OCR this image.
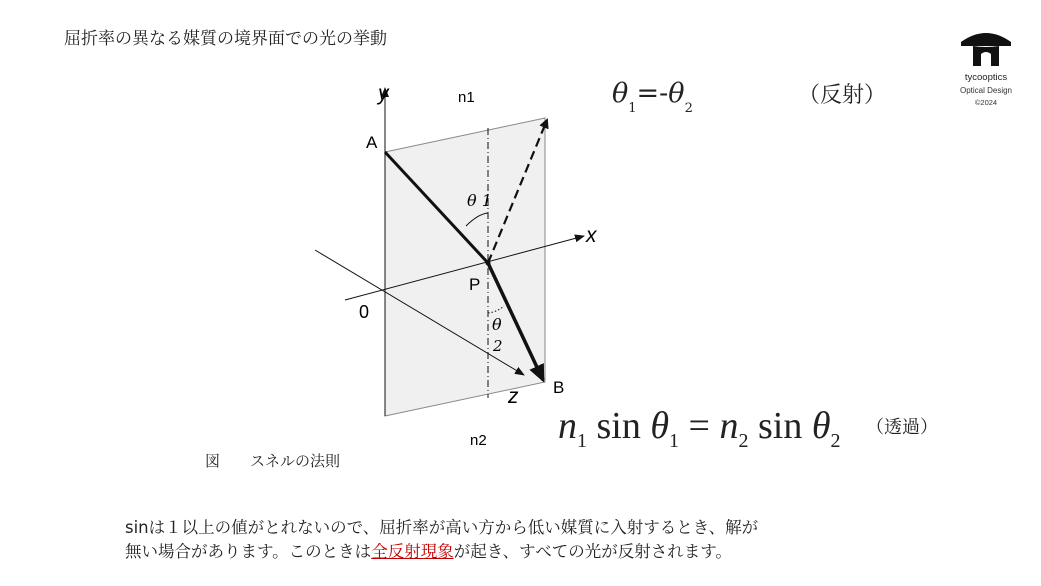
屈折率の異なる媒質の境界面での光の挙動
tycooptics
Optical Design
©2024
y
x
z
n1
n2
A
B
P
0
θ 1
θ
2
$\theta_1=-\theta_2$
（反射）
$n_1$ $\sin \theta_1 = n_2$ $\sin \theta_2$
（透過）
図 スネルの法則
sinは１以上の値がとれないので、屈折率が高い方から低い媒質に入射するとき、解が
無い場合があります。このときは全反射現象が起き、すべての光が反射されます。
